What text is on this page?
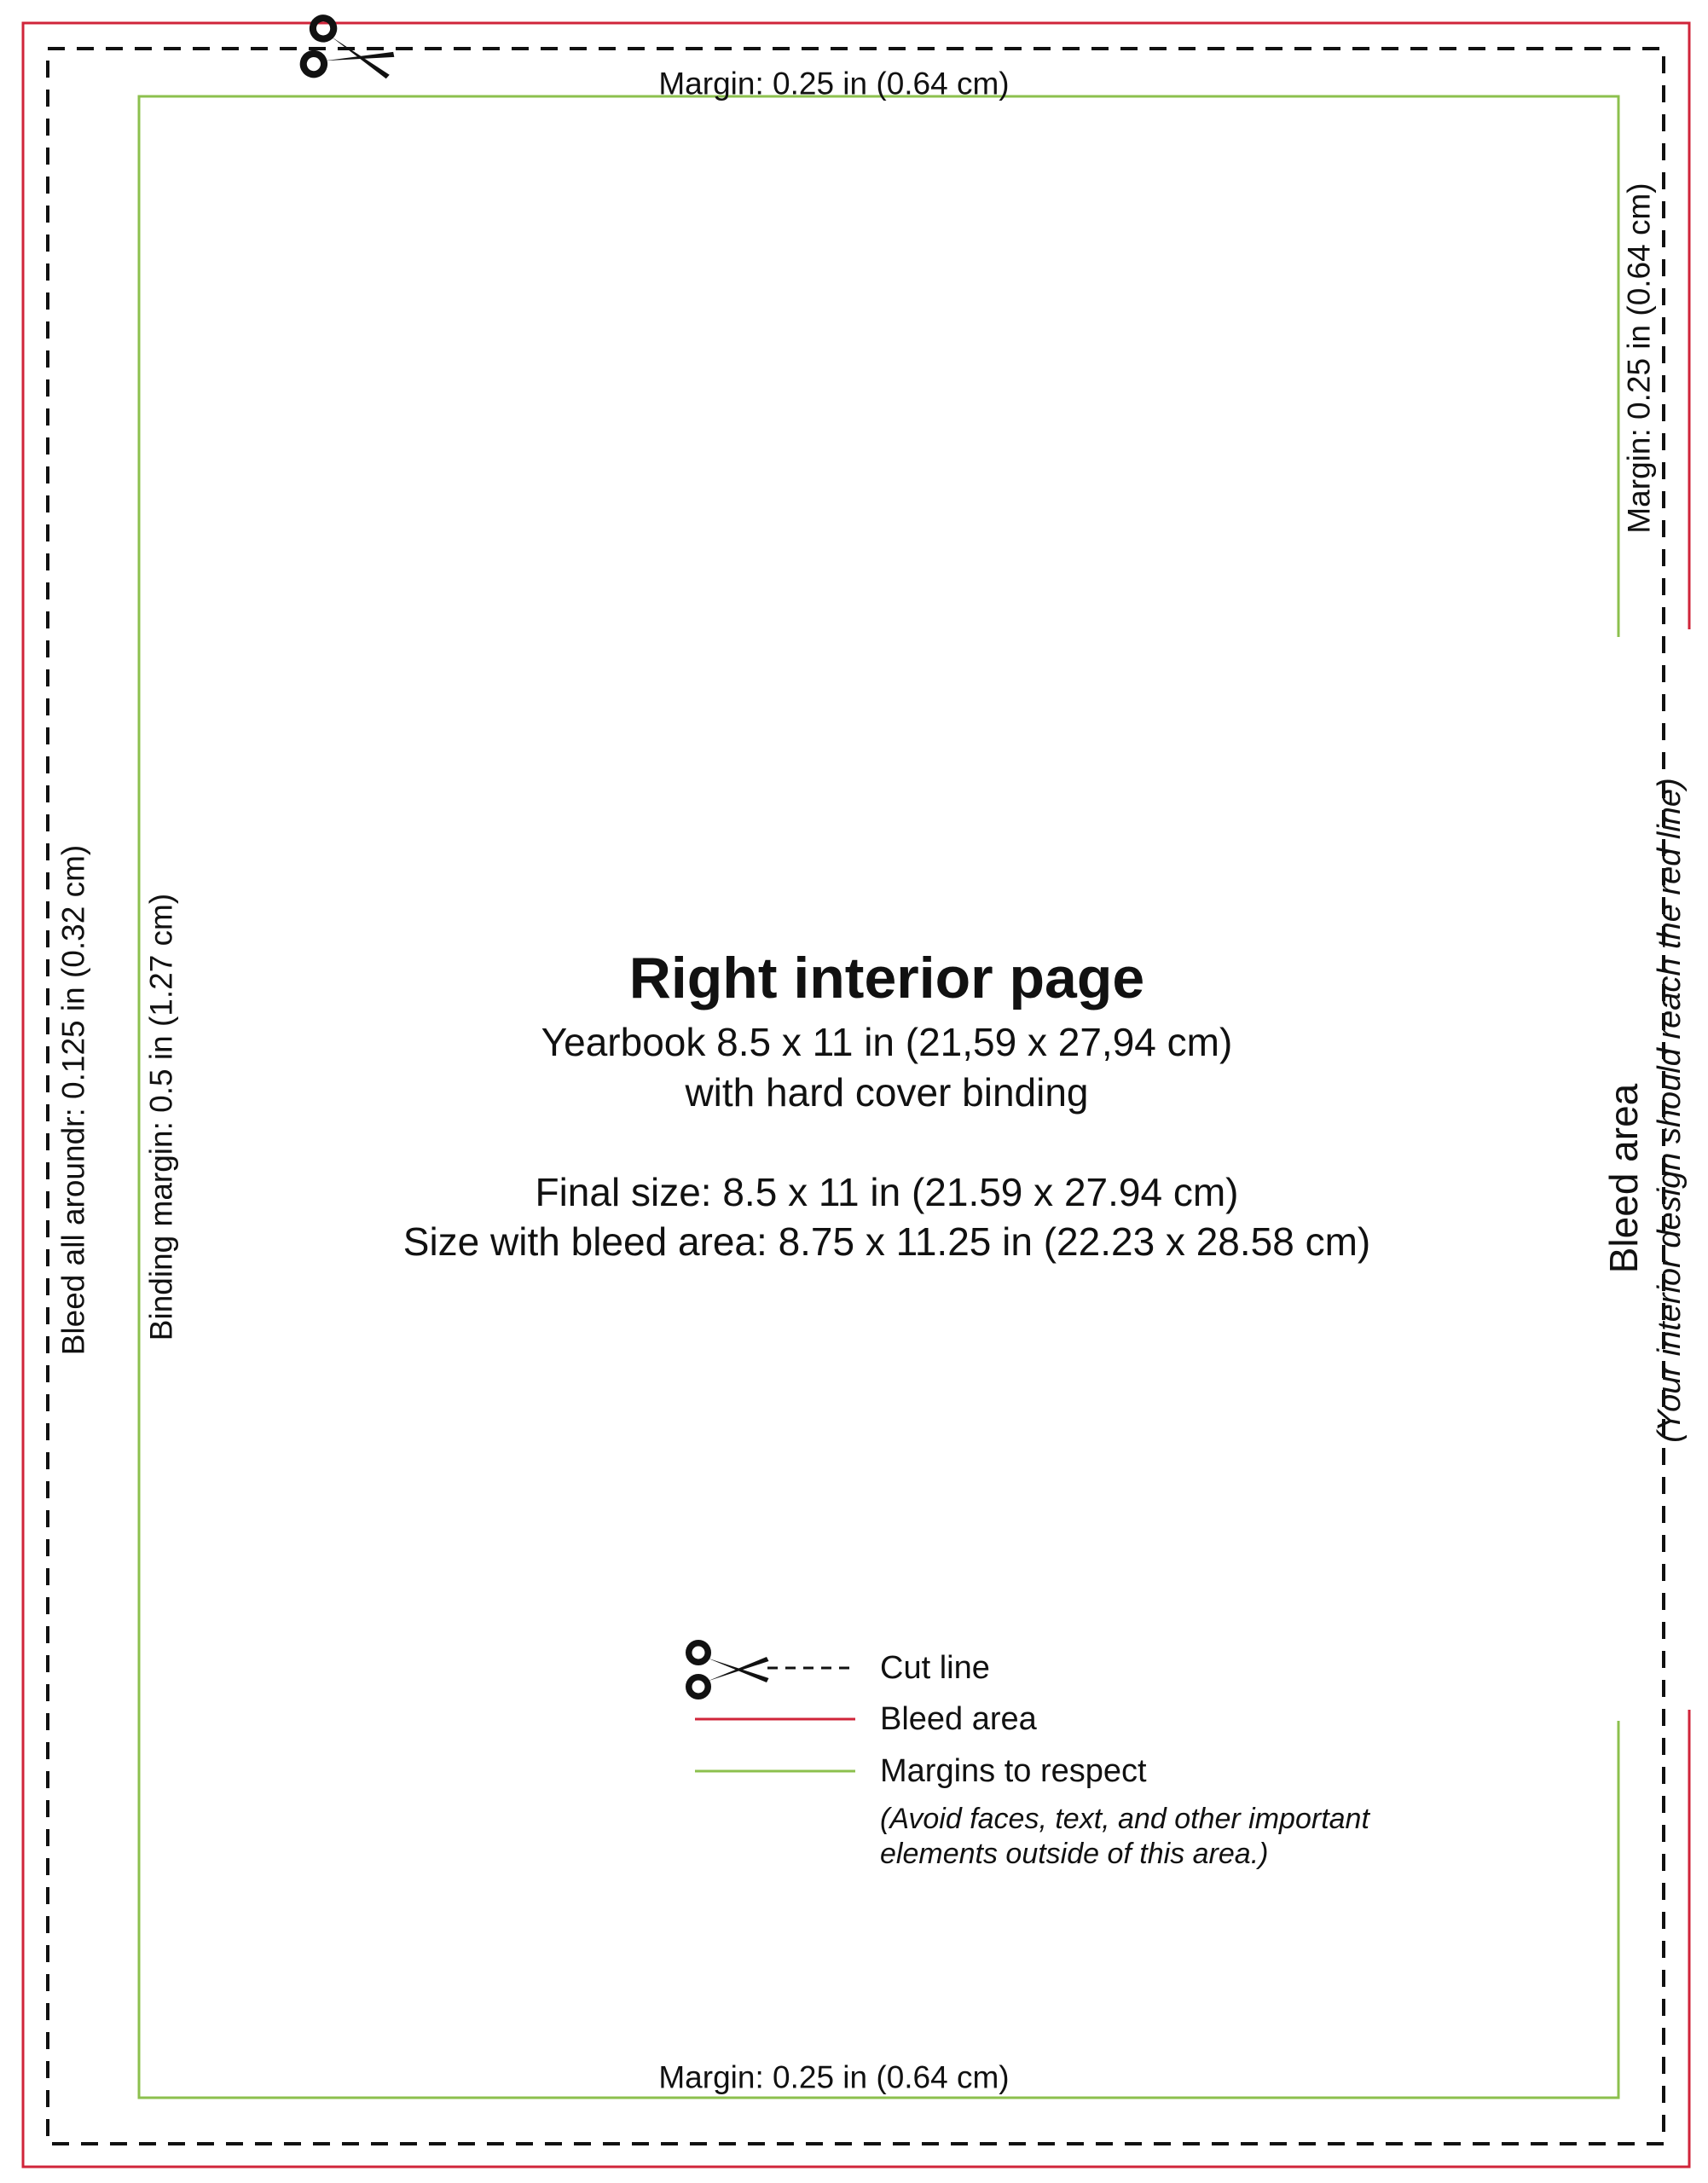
Margin: 0.25 in (0.64 cm)
Margin: 0.25 in (0.64 cm)
Margin: 0.25 in (0.64 cm)
Bleed all aroundr: 0.125 in (0.32 cm) Binding margin: 0.5 in (1.27 cm)	Bleed area (Your interior design should reach the red line)
Right interior page
Yearbook 8.5 x 11 in (21,59 x 27,94 cm)
with hard cover binding
Final size: 8.5 x 11 in (21.59 x 27.94 cm)
Size with bleed area: 8.75 x 11.25 in (22.23 x 28.58 cm)
Cut line
Bleed area
Margins to respect
(Avoid faces, text, and other important
elements outside of this area.)
